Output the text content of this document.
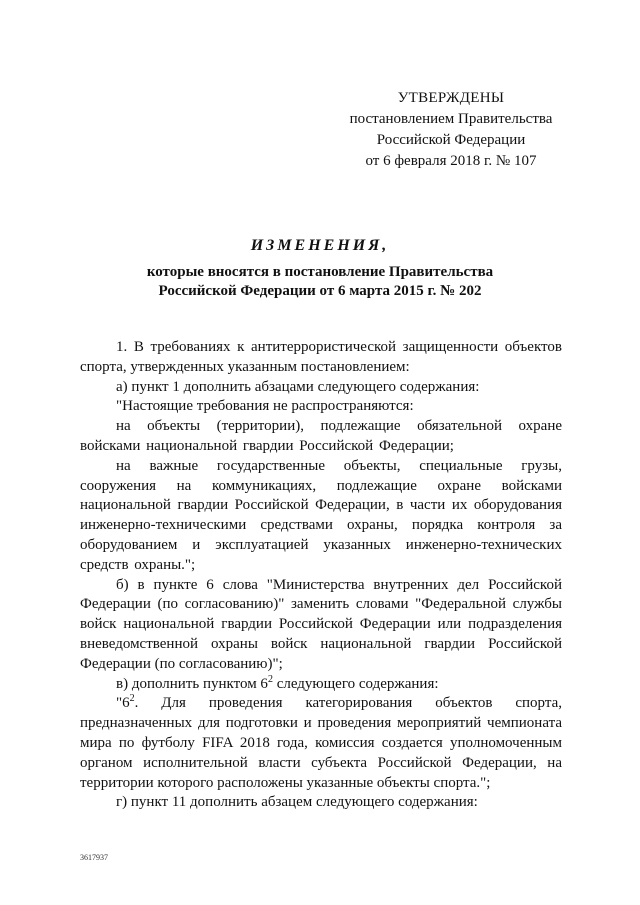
УТВЕРЖДЕНЫ
постановлением Правительства
Российской Федерации
от 6 февраля 2018 г. № 107
ИЗМЕНЕНИЯ,
которые вносятся в постановление Правительства
Российской Федерации от 6 марта 2015 г. № 202

1. В требованиях к антитеррористической защищенности объектов спорта, утвержденных указанным постановлением:

а) пункт 1 дополнить абзацами следующего содержания:

"Настоящие требования не распространяются:

на объекты (территории), подлежащие обязательной охране войсками национальной гвардии Российской Федерации;

на важные государственные объекты, специальные грузы, сооружения на коммуникациях, подлежащие охране войсками национальной гвардии Российской Федерации, в части их оборудования инженерно-техническими средствами охраны, порядка контроля за оборудованием и эксплуатацией указанных инженерно-технических средств охраны.";

б) в пункте 6 слова "Министерства внутренних дел Российской Федерации (по согласованию)" заменить словами "Федеральной службы войск национальной гвардии Российской Федерации или подразделения вневедомственной охраны войск национальной гвардии Российской Федерации (по согласованию)";

в) дополнить пунктом $6^2$ следующего содержания:

"$6^2$. Для проведения категорирования объектов спорта, предназначенных для подготовки и проведения мероприятий чемпионата мира по футболу FIFA 2018 года, комиссия создается уполномоченным органом исполнительной власти субъекта Российской Федерации, на территории которого расположены указанные объекты спорта.";

г) пункт 11 дополнить абзацем следующего содержания:

3617937
